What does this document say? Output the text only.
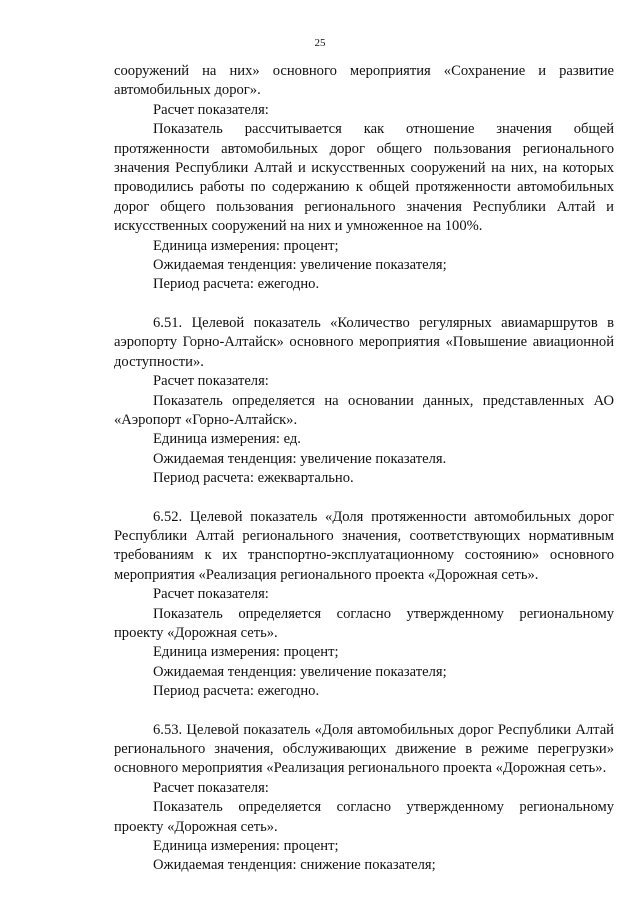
25

сооружений на них» основного мероприятия «Сохранение и развитие автомобильных дорог».

Расчет показателя:

Показатель рассчитывается как отношение значения общей протяженности автомобильных дорог общего пользования регионального значения Республики Алтай и искусственных сооружений на них, на которых проводились работы по содержанию к общей протяженности автомобильных дорог общего пользования регионального значения Республики Алтай и искусственных сооружений на них и умноженное на 100%.

Единица измерения: процент;

Ожидаемая тенденция: увеличение показателя;

Период расчета: ежегодно.

6.51. Целевой показатель «Количество регулярных авиамаршрутов в аэропорту Горно-Алтайск» основного мероприятия «Повышение авиационной доступности».

Расчет показателя:

Показатель определяется на основании данных, представленных АО «Аэропорт «Горно-Алтайск».

Единица измерения: ед.

Ожидаемая тенденция: увеличение показателя.

Период расчета: ежеквартально.

6.52. Целевой показатель «Доля протяженности автомобильных дорог Республики Алтай регионального значения, соответствующих нормативным требованиям к их транспортно-эксплуатационному состоянию» основного мероприятия «Реализация регионального проекта «Дорожная сеть».

Расчет показателя:

Показатель определяется согласно утвержденному региональному проекту «Дорожная сеть».

Единица измерения: процент;

Ожидаемая тенденция: увеличение показателя;

Период расчета: ежегодно.

6.53. Целевой показатель «Доля автомобильных дорог Республики Алтай регионального значения, обслуживающих движение в режиме перегрузки» основного мероприятия «Реализация регионального проекта «Дорожная сеть».

Расчет показателя:

Показатель определяется согласно утвержденному региональному проекту «Дорожная сеть».

Единица измерения: процент;

Ожидаемая тенденция: снижение показателя;
